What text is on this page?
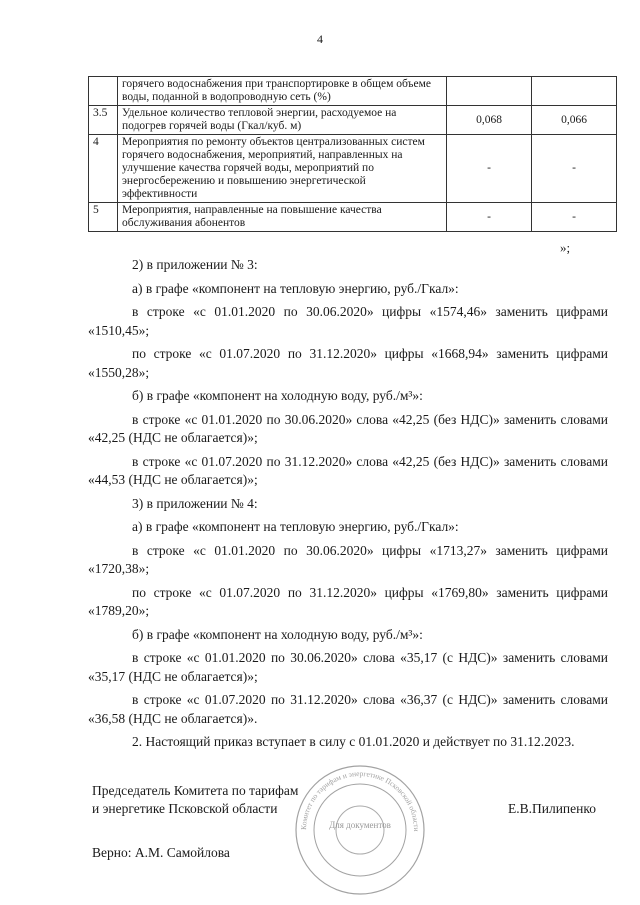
4
	горячего водоснабжения при транспортировке в общем объеме воды, поданной в водопроводную сеть (%)		
3.5	Удельное количество тепловой энергии, расходуемое на подогрев горячей воды (Гкал/куб. м)	0,068	0,066
4	Мероприятия по ремонту объектов централизованных систем горячего водоснабжения, мероприятий, направленных на улучшение качества горячей воды, мероприятий по энергосбережению и повышению энергетической эффективности	-	-
5	Мероприятия, направленные на повышение качества обслуживания абонентов	-	-
»;

2) в приложении № 3:

а) в графе «компонент на тепловую энергию, руб./Гкал»:

в строке «с 01.01.2020 по 30.06.2020» цифры «1574,46» заменить цифрами «1510,45»;

по строке «с 01.07.2020 по 31.12.2020» цифры «1668,94» заменить цифрами «1550,28»;

б) в графе «компонент на холодную воду, руб./м³»:

в строке «с 01.01.2020 по 30.06.2020» слова «42,25 (без НДС)» заменить словами «42,25 (НДС не облагается)»;

в строке «с 01.07.2020 по 31.12.2020» слова «42,25 (без НДС)» заменить словами «44,53 (НДС не облагается)»;

3) в приложении № 4:

а) в графе «компонент на тепловую энергию, руб./Гкал»:

в строке «с 01.01.2020 по 30.06.2020» цифры «1713,27» заменить цифрами «1720,38»;

по строке «с 01.07.2020 по 31.12.2020» цифры «1769,80» заменить цифрами «1789,20»;

б) в графе «компонент на холодную воду, руб./м³»:

в строке «с 01.01.2020 по 30.06.2020» слова «35,17 (с НДС)» заменить словами «35,17 (НДС не облагается)»;

в строке «с 01.07.2020 по 31.12.2020» слова «36,37 (с НДС)» заменить словами «36,58 (НДС не облагается)».

2. Настоящий приказ вступает в силу с 01.01.2020 и действует по 31.12.2023.

Председатель Комитета по тарифам
и энергетике Псковской области	Е.В.Пилипенко
Верно: А.М. Самойлова
Комитет по тарифам и энергетике Псковской области
Для документов
